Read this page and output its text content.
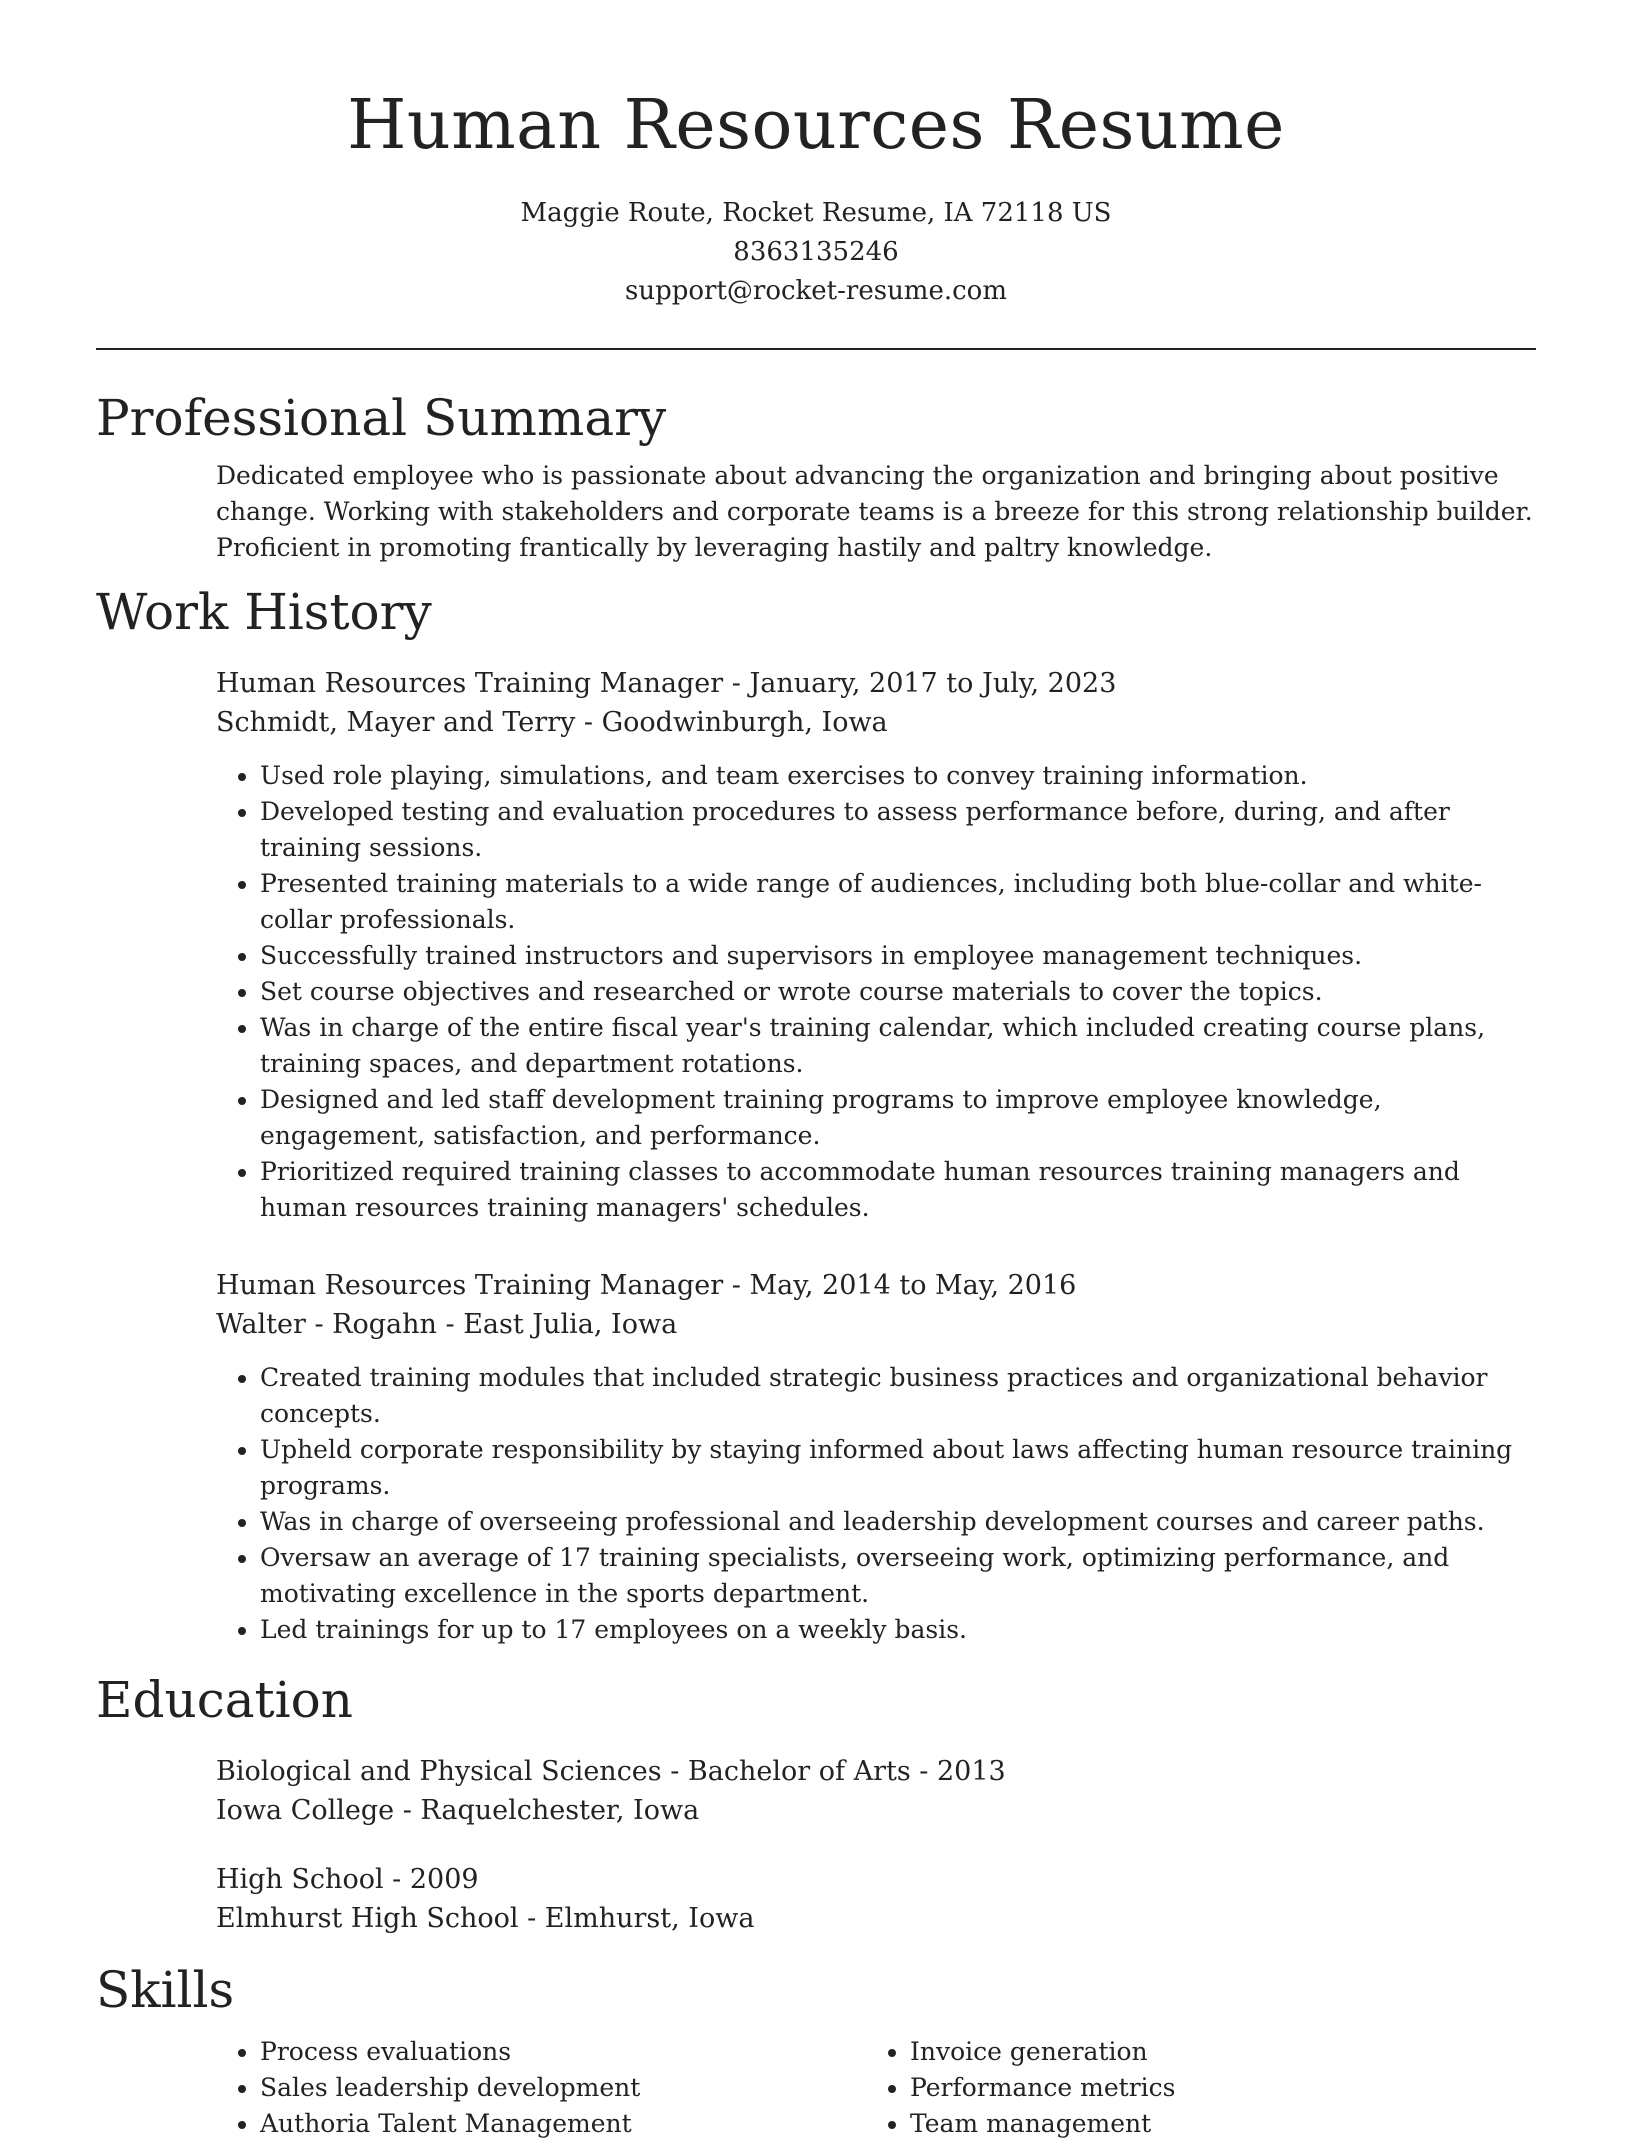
Human Resources Resume
Maggie Route, Rocket Resume, IA 72118 US
8363135246
support@rocket-resume.com
Professional Summary

Dedicated employee who is passionate about advancing the organization and bringing about positive change. Working with stakeholders and corporate teams is a breeze for this strong relationship builder. Proficient in promoting frantically by leveraging hastily and paltry knowledge.

Work History

Human Resources Training Manager - January, 2017 to July, 2023

Schmidt, Mayer and Terry - Goodwinburgh, Iowa

• Used role playing, simulations, and team exercises to convey training information.
• Developed testing and evaluation procedures to assess performance before, during, and after training sessions.
• Presented training materials to a wide range of audiences, including both blue-collar and white-collar professionals.
• Successfully trained instructors and supervisors in employee management techniques.
• Set course objectives and researched or wrote course materials to cover the topics.
• Was in charge of the entire fiscal year's training calendar, which included creating course plans, training spaces, and department rotations.
• Designed and led staff development training programs to improve employee knowledge, engagement, satisfaction, and performance.
• Prioritized required training classes to accommodate human resources training managers and human resources training managers' schedules.

Human Resources Training Manager - May, 2014 to May, 2016

Walter - Rogahn - East Julia, Iowa

• Created training modules that included strategic business practices and organizational behavior concepts.
• Upheld corporate responsibility by staying informed about laws affecting human resource training programs.
• Was in charge of overseeing professional and leadership development courses and career paths.
• Oversaw an average of 17 training specialists, overseeing work, optimizing performance, and motivating excellence in the sports department.
• Led trainings for up to 17 employees on a weekly basis.
Education

Biological and Physical Sciences - Bachelor of Arts - 2013

Iowa College - Raquelchester, Iowa

High School - 2009

Elmhurst High School - Elmhurst, Iowa

Skills
• Process evaluations
• Sales leadership development
• Authoria Talent Management
• Invoice generation
• Performance metrics
• Team management
